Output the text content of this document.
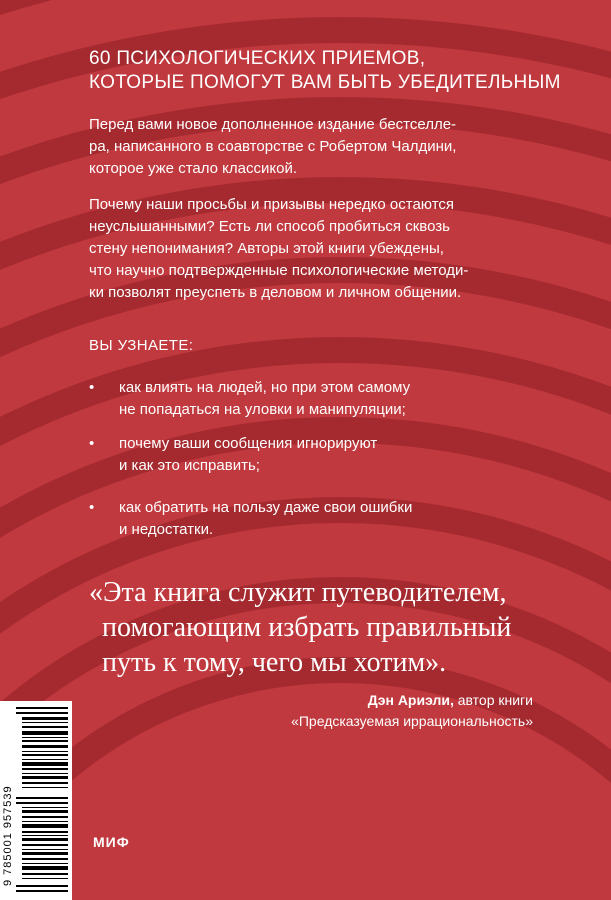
60 ПСИХОЛОГИЧЕСКИХ ПРИЕМОВ,
КОТОРЫЕ ПОМОГУТ ВАМ БЫТЬ УБЕДИТЕЛЬНЫМ
Перед вами новое дополненное издание бестселле-
ра, написанного в соавторстве с Робертом Чалдини,
которое уже стало классикой.
Почему наши просьбы и призывы нередко остаются
неуслышанными? Есть ли способ пробиться сквозь
стену непонимания? Авторы этой книги убеждены,
что научно подтвержденные психологические методи-
ки позволят преуспеть в деловом и личном общении.
ВЫ УЗНАЕТЕ:
•	как влиять на людей, но при этом самому
не попадаться на уловки и манипуляции;
•	почему ваши сообщения игнорируют
и как это исправить;
•	как обратить на пользу даже свои ошибки
и недостатки.
«Эта книга служит путеводителем,
помогающим избрать правильный
путь к тому, чего мы хотим».
Дэн Ариэли, автор книги
«Предсказуемая иррациональность»
9 785001 957539	МИФ
